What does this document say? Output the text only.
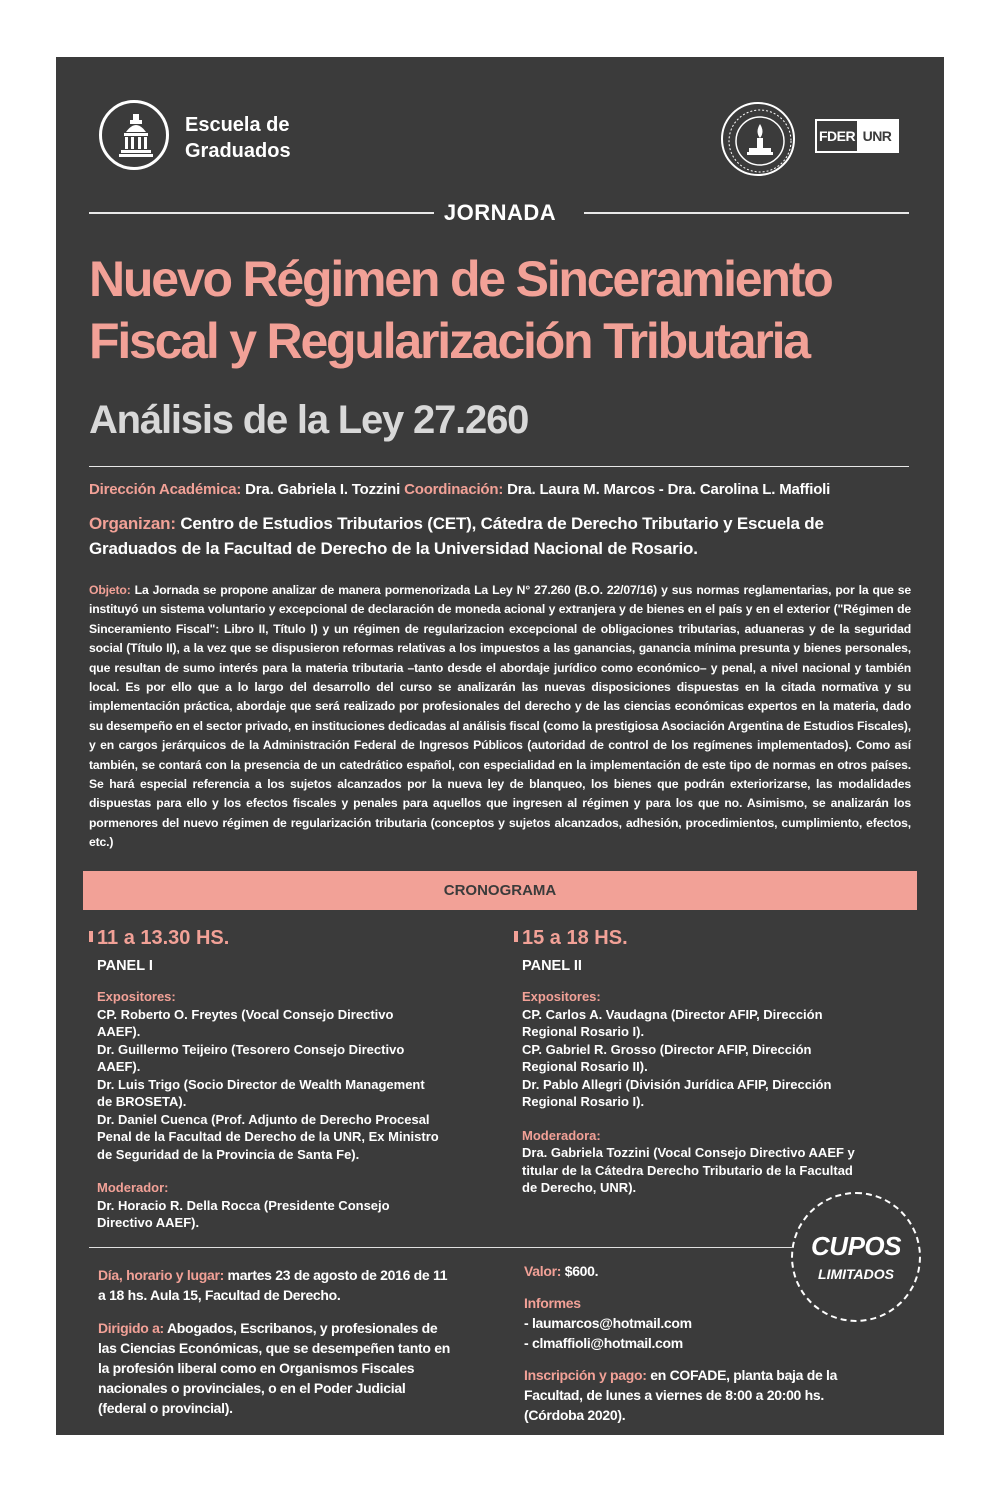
Escuela de
Graduados
FDER UNR
JORNADA
Nuevo Régimen de Sinceramiento
Fiscal y Regularización Tributaria
Análisis de la Ley 27.260
Dirección Académica: Dra. Gabriela I. Tozzini Coordinación: Dra. Laura M. Marcos - Dra. Carolina L. Maffioli
Organizan: Centro de Estudios Tributarios (CET), Cátedra de Derecho Tributario y Escuela de Graduados de la Facultad de Derecho de la Universidad Nacional de Rosario.
Objeto: La Jornada se propone analizar de manera pormenorizada La Ley N° 27.260 (B.O. 22/07/16) y sus normas reglamentarias, por la que se instituyó un sistema voluntario y excepcional de declaración de moneda acional y extranjera y de bienes en el país y en el exterior ("Régimen de Sinceramiento Fiscal": Libro II, Título I) y un régimen de regularizacion excepcional de obligaciones tributarias, aduaneras y de la seguridad social (Título II), a la vez que se dispusieron reformas relativas a los impuestos a las ganancias, ganancia mínima presunta y bienes personales, que resultan de sumo interés para la materia tributaria –tanto desde el abordaje jurídico como económico– y penal, a nivel nacional y también local. Es por ello que a lo largo del desarrollo del curso se analizarán las nuevas disposiciones dispuestas en la citada normativa y su implementación práctica, abordaje que será realizado por profesionales del derecho y de las ciencias económicas expertos en la materia, dado su desempeño en el sector privado, en instituciones dedicadas al análisis fiscal (como la prestigiosa Asociación Argentina de Estudios Fiscales), y en cargos jerárquicos de la Administración Federal de Ingresos Públicos (autoridad de control de los regímenes implementados). Como así también, se contará con la presencia de un catedrático español, con especialidad en la implementación de este tipo de normas en otros países. Se hará especial referencia a los sujetos alcanzados por la nueva ley de blanqueo, los bienes que podrán exteriorizarse, las modalidades dispuestas para ello y los efectos fiscales y penales para aquellos que ingresen al régimen y para los que no. Asimismo, se analizarán los pormenores del nuevo régimen de regularización tributaria (conceptos y sujetos alcanzados, adhesión, procedimientos, cumplimiento, efectos, etc.)
CRONOGRAMA
11 a 13.30 HS.
PANEL I

Expositores:

CP. Roberto O. Freytes (Vocal Consejo Directivo AAEF).

Dr. Guillermo Teijeiro (Tesorero Consejo Directivo AAEF).

Dr. Luis Trigo (Socio Director de Wealth Management de BROSETA).

Dr. Daniel Cuenca (Prof. Adjunto de Derecho Procesal Penal de la Facultad de Derecho de la UNR, Ex Ministro de Seguridad de la Provincia de Santa Fe).

Moderador:

Dr. Horacio R. Della Rocca (Presidente Consejo Directivo AAEF).

15 a 18 HS.
PANEL II

Expositores:

CP. Carlos A. Vaudagna (Director AFIP, Dirección Regional Rosario I).

CP. Gabriel R. Grosso (Director AFIP, Dirección Regional Rosario II).

Dr. Pablo Allegri (División Jurídica AFIP, Dirección Regional Rosario I).

Moderadora:

Dra. Gabriela Tozzini (Vocal Consejo Directivo AAEF y titular de la Cátedra Derecho Tributario de la Facultad de Derecho, UNR).

CUPOS
LIMITADOS
Día, horario y lugar: martes 23 de agosto de 2016 de 11 a 18 hs. Aula 15, Facultad de Derecho.
Dirigido a: Abogados, Escribanos, y profesionales de las Ciencias Económicas, que se desempeñen tanto en la profesión liberal como en Organismos Fiscales nacionales o provinciales, o en el Poder Judicial (federal o provincial).
Valor: $600.
Informes
- laumarcos@hotmail.com
- clmaffioli@hotmail.com
Inscripción y pago: en COFADE, planta baja de la Facultad, de lunes a viernes de 8:00 a 20:00 hs. (Córdoba 2020).
